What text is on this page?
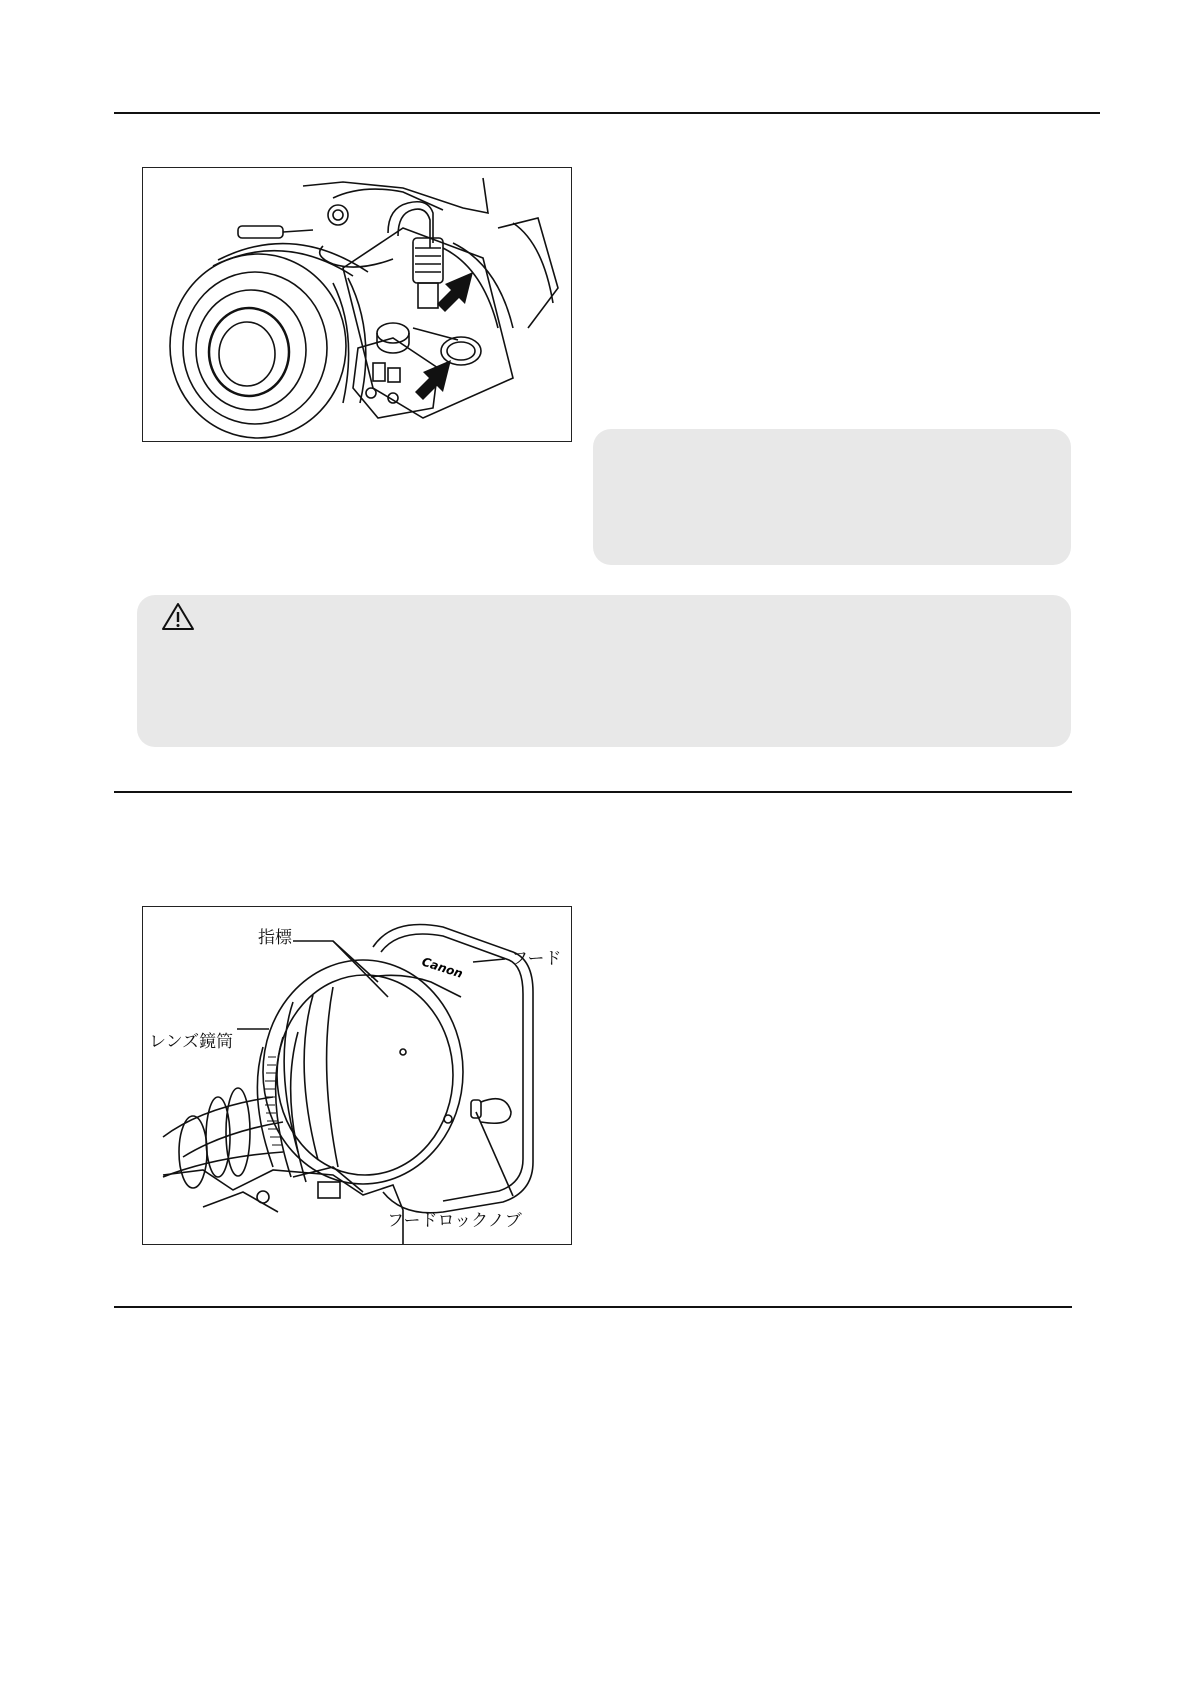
Canon
指標
フード
レンズ鏡筒
フードロックノブ
